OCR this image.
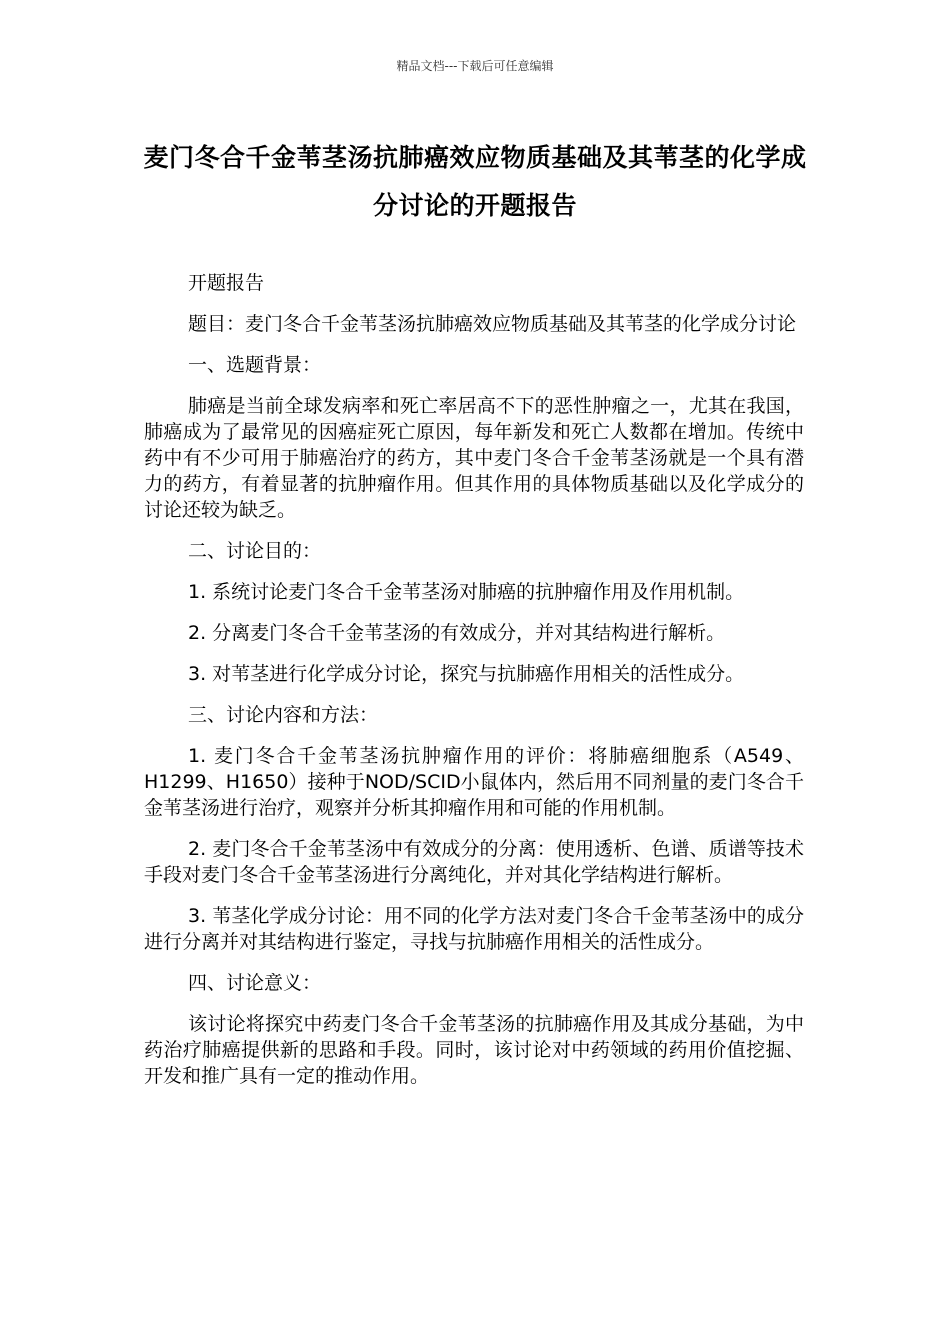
精品文档---下载后可任意编辑
麦门冬合千金苇茎汤抗肺癌效应物质基础及其苇茎的化学成分讨论的开题报告

开题报告

题目：麦门冬合千金苇茎汤抗肺癌效应物质基础及其苇茎的化学成分讨论

一、选题背景：

肺癌是当前全球发病率和死亡率居高不下的恶性肿瘤之一，尤其在我国，肺癌成为了最常见的因癌症死亡原因，每年新发和死亡人数都在增加。传统中药中有不少可用于肺癌治疗的药方，其中麦门冬合千金苇茎汤就是一个具有潜力的药方，有着显著的抗肿瘤作用。但其作用的具体物质基础以及化学成分的讨论还较为缺乏。

二、讨论目的：

1. 系统讨论麦门冬合千金苇茎汤对肺癌的抗肿瘤作用及作用机制。

2. 分离麦门冬合千金苇茎汤的有效成分，并对其结构进行解析。

3. 对苇茎进行化学成分讨论，探究与抗肺癌作用相关的活性成分。

三、讨论内容和方法：

1. 麦门冬合千金苇茎汤抗肿瘤作用的评价：将肺癌细胞系（A549、H1299、H1650）接种于NOD/SCID小鼠体内，然后用不同剂量的麦门冬合千金苇茎汤进行治疗，观察并分析其抑瘤作用和可能的作用机制。

2. 麦门冬合千金苇茎汤中有效成分的分离：使用透析、色谱、质谱等技术手段对麦门冬合千金苇茎汤进行分离纯化，并对其化学结构进行解析。

3. 苇茎化学成分讨论：用不同的化学方法对麦门冬合千金苇茎汤中的成分进行分离并对其结构进行鉴定，寻找与抗肺癌作用相关的活性成分。

四、讨论意义：

该讨论将探究中药麦门冬合千金苇茎汤的抗肺癌作用及其成分基础，为中药治疗肺癌提供新的思路和手段。同时，该讨论对中药领域的药用价值挖掘、开发和推广具有一定的推动作用。
